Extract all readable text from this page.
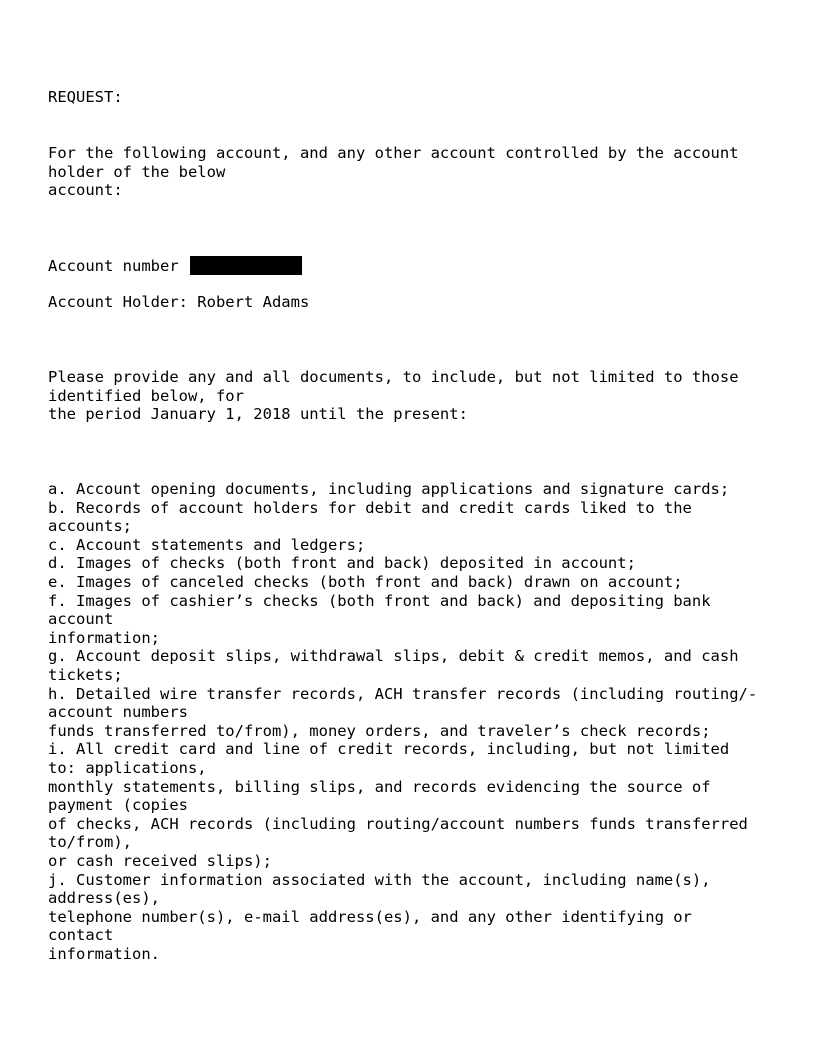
REQUEST:
For the following account, and any other account controlled by the account
holder of the below
account:
Account number
Account Holder: Robert Adams
Please provide any and all documents, to include, but not limited to those
identified below, for
the period January 1, 2018 until the present:
a. Account opening documents, including applications and signature cards;
b. Records of account holders for debit and credit cards liked to the
accounts;
c. Account statements and ledgers;
d. Images of checks (both front and back) deposited in account;
e. Images of canceled checks (both front and back) drawn on account;
f. Images of cashier’s checks (both front and back) and depositing bank
account
information;
g. Account deposit slips, withdrawal slips, debit & credit memos, and cash
tickets;
h. Detailed wire transfer records, ACH transfer records (including routing/-
account numbers
funds transferred to/from), money orders, and traveler’s check records;
i. All credit card and line of credit records, including, but not limited
to: applications,
monthly statements, billing slips, and records evidencing the source of
payment (copies
of checks, ACH records (including routing/account numbers funds transferred
to/from),
or cash received slips);
j. Customer information associated with the account, including name(s),
address(es),
telephone number(s), e-mail address(es), and any other identifying or
contact
information.
